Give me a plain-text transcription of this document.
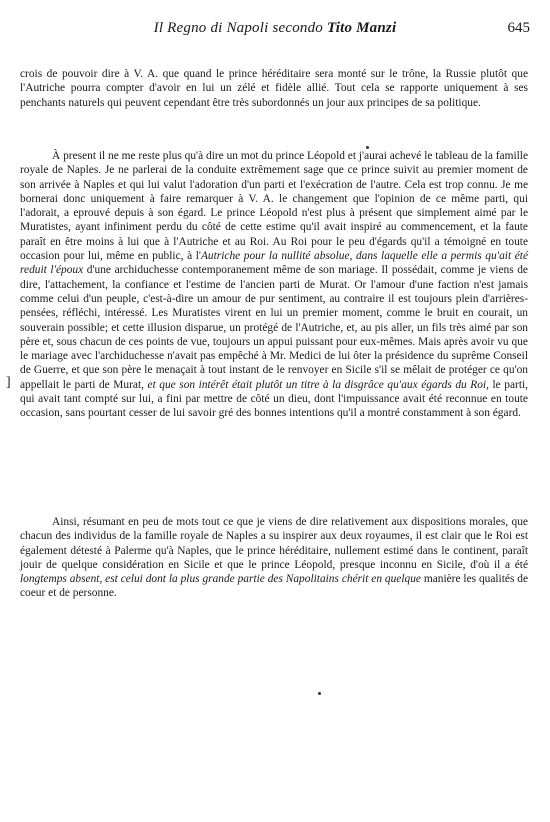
Il Regno di Napoli secondo Tito Manzi	645

crois de pouvoir dire à V. A. que quand le prince héréditaire sera monté sur le trône, la Russie plutôt que l'Autriche pourra compter d'avoir en lui un zélé et fidèle allié. Tout cela se rapporte uniquement à ses penchants naturels qui peuvent cependant être très subordonnés un jour aux principes de sa politique.

À present il ne me reste plus qu'à dire un mot du prince Léopold et j'aurai achevé le tableau de la famille royale de Naples. Je ne parlerai de la conduite extrêmement sage que ce prince suivit au premier moment de son arrivée à Naples et qui lui valut l'adoration d'un parti et l'exécration de l'autre. Cela est trop connu. Je me bornerai donc uniquement à faire remarquer à V. A. le changement que l'opinion de ce même parti, qui l'adorait, a eprouvé depuis à son égard. Le prince Léopold n'est plus à présent que simplement aimé par le Muratistes, ayant infiniment perdu du côté de cette estime qu'il avait inspiré au commencement, et la faute paraît en être moins à lui que à l'Autriche et au Roi. Au Roi pour le peu d'égards qu'il a témoigné en toute occasion pour lui, même en public, à l'Autriche pour la nullité absolue, dans laquelle elle a permis qu'ait été reduit l'époux d'une archiduchesse contemporanement même de son mariage. Il possédait, comme je viens de dire, l'attachement, la confiance et l'estime de l'ancien parti de Murat. Or l'amour d'une faction n'est jamais comme celui d'un peuple, c'est-à-dire un amour de pur sentiment, au contraire il est toujours plein d'arrières-pensées, réfléchi, intéressé. Les Muratistes virent en lui un premier moment, comme le bruit en courait, un souverain possible; et cette illusion disparue, un protégé de l'Autriche, et, au pis aller, un fils très aimé par son père et, sous chacun de ces points de vue, toujours un appui puissant pour eux-mêmes. Mais après avoir vu que le mariage avec l'archiduchesse n'avait pas empêché à Mr. Medici de lui ôter la présidence du suprême Conseil de Guerre, et que son père le menaçait à tout instant de le renvoyer en Sicile s'il se mêlait de protéger ce qu'on appellait le parti de Murat, et que son intérêt était plutôt un titre à la disgrâce qu'aux égards du Roi, le parti, qui avait tant compté sur lui, a fini par mettre de côté un dieu, dont l'impuissance avait été reconnue en toute occasion, sans pourtant cesser de lui savoir gré des bonnes intentions qu'il a montré constamment à son égard.

Ainsi, résumant en peu de mots tout ce que je viens de dire relativement aux dispositions morales, que chacun des individus de la famille royale de Naples a su inspirer aux deux royaumes, il est clair que le Roi est également détesté à Palerme qu'à Naples, que le prince héréditaire, nullement estimé dans le continent, paraît jouir de quelque considération en Sicile et que le prince Léopold, presque inconnu en Sicile, d'où il a été longtemps absent, est celui dont la plus grande partie des Napolitains chérit en quelque manière les qualités de coeur et de personne.

]
